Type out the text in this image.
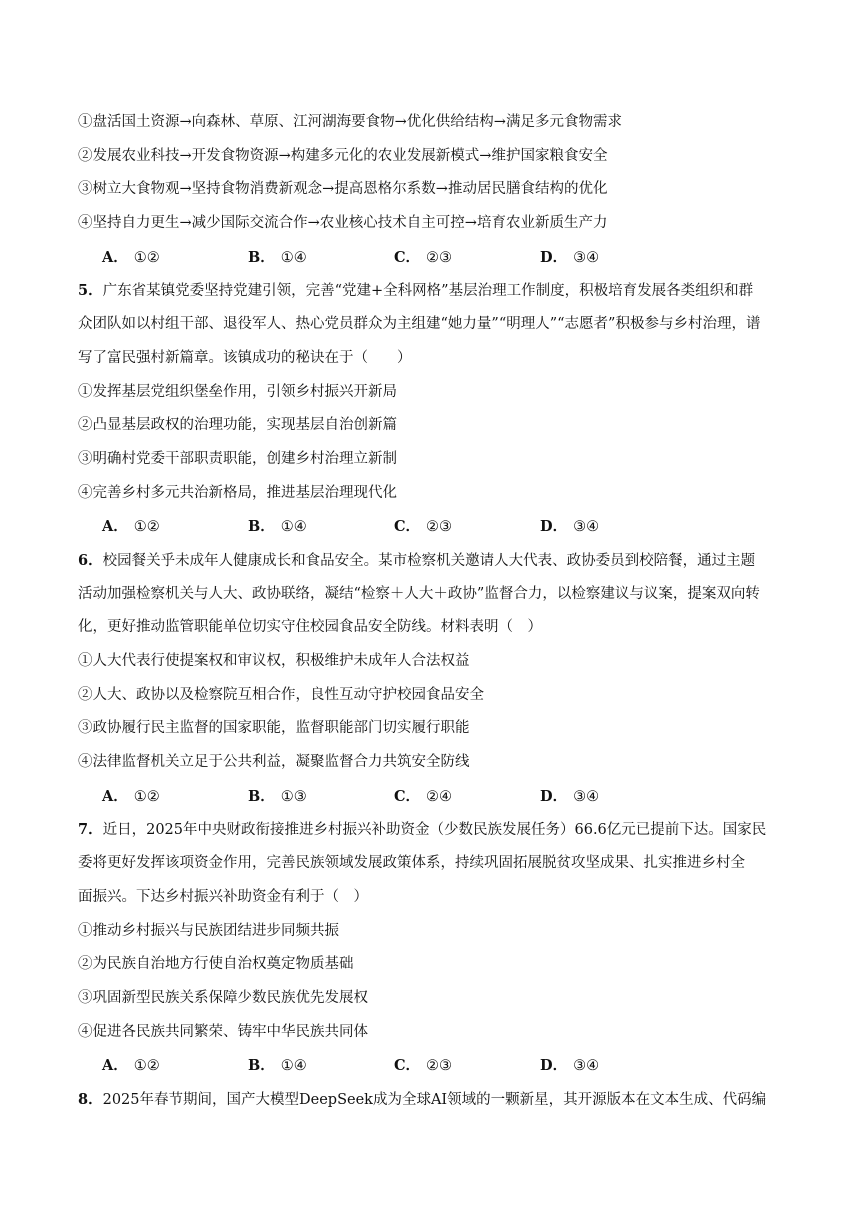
①盘活国土资源→向森林、草原、江河湖海要食物→优化供给结构→满足多元食物需求
②发展农业科技→开发食物资源→构建多元化的农业发展新模式→维护国家粮食安全
③树立大食物观→坚持食物消费新观念→提高恩格尔系数→推动居民膳食结构的优化
④坚持自力更生→减少国际交流合作→农业核心技术自主可控→培育农业新质生产力
A． ①②	B． ①④	C． ②③	D． ③④
5．广东省某镇党委坚持党建引领，完善“党建+全科网格”基层治理工作制度，积极培育发展各类组织和群
众团队如以村组干部、退役军人、热心党员群众为主组建“她力量”“明理人”“志愿者”积极参与乡村治理，谱
写了富民强村新篇章。该镇成功的秘诀在于（　　）
①发挥基层党组织堡垒作用，引领乡村振兴开新局
②凸显基层政权的治理功能，实现基层自治创新篇
③明确村党委干部职责职能，创建乡村治理立新制
④完善乡村多元共治新格局，推进基层治理现代化
A． ①②	B． ①④	C． ②③	D． ③④
6．校园餐关乎未成年人健康成长和食品安全。某市检察机关邀请人大代表、政协委员到校陪餐，通过主题
活动加强检察机关与人大、政协联络，凝结“检察＋人大＋政协”监督合力，以检察建议与议案，提案双向转
化，更好推动监管职能单位切实守住校园食品安全防线。材料表明（　）
①人大代表行使提案权和审议权，积极维护未成年人合法权益
②人大、政协以及检察院互相合作，良性互动守护校园食品安全
③政协履行民主监督的国家职能，监督职能部门切实履行职能
④法律监督机关立足于公共利益，凝聚监督合力共筑安全防线
A． ①②	B． ①③	C． ②④	D． ③④
7．近日，2025年中央财政衔接推进乡村振兴补助资金（少数民族发展任务）66.6亿元已提前下达。国家民
委将更好发挥该项资金作用，完善民族领域发展政策体系，持续巩固拓展脱贫攻坚成果、扎实推进乡村全
面振兴。下达乡村振兴补助资金有利于（　）
①推动乡村振兴与民族团结进步同频共振
②为民族自治地方行使自治权奠定物质基础
③巩固新型民族关系保障少数民族优先发展权
④促进各民族共同繁荣、铸牢中华民族共同体
A． ①②	B． ①④	C． ②③	D． ③④
8．2025年春节期间，国产大模型DeepSeek成为全球AI领域的一颗新星，其开源版本在文本生成、代码编
